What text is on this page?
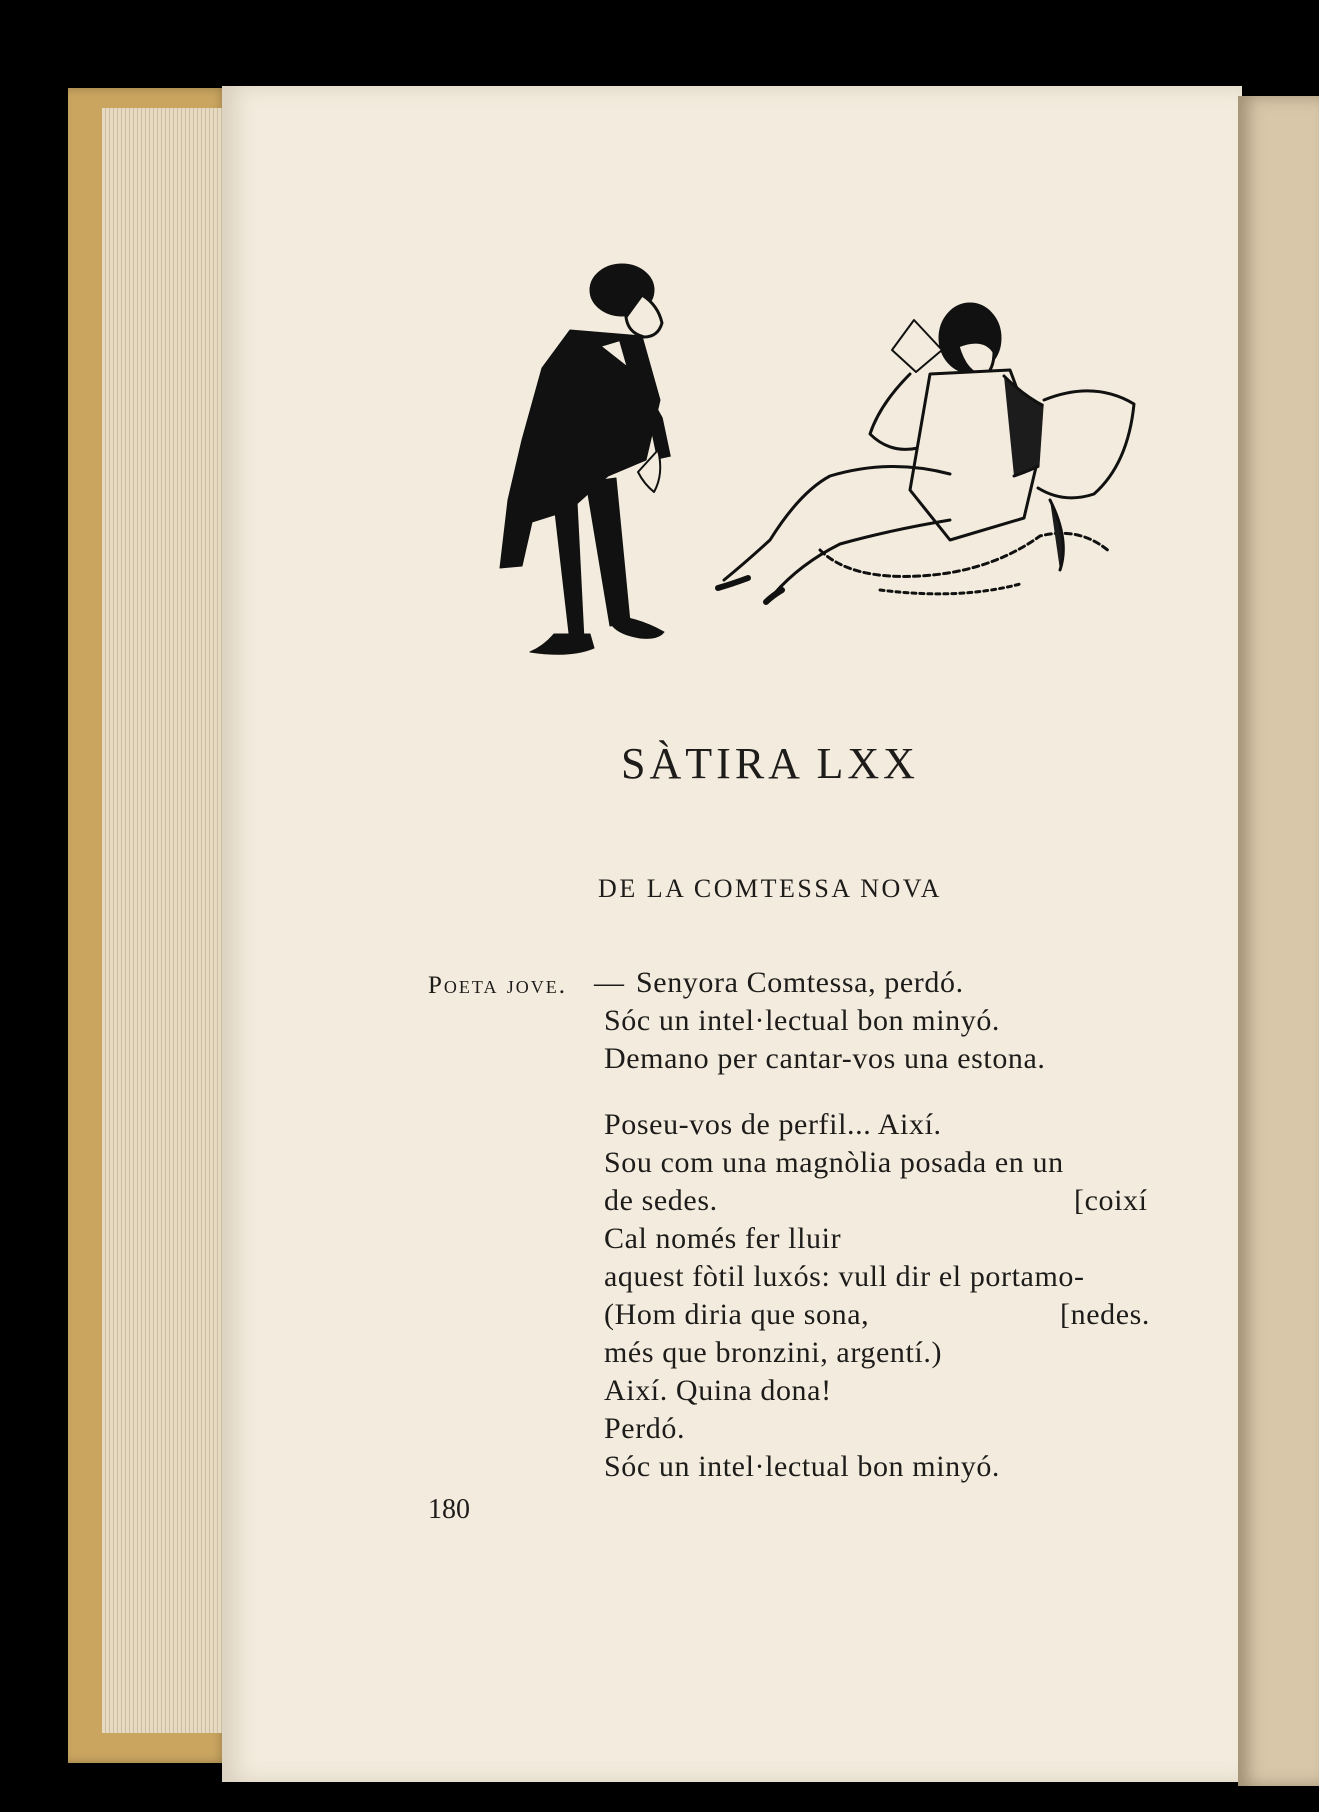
SÀTIRA LXX
DE LA COMTESSA NOVA
Poeta jove. — Senyora Comtessa, perdó.
Sóc un intel·lectual bon minyó.
Demano per cantar-vos una estona.
Poseu-vos de perfil... Així.
Sou com una magnòlia posada en un
de sedes.	[coixí
Cal només fer lluir
aquest fòtil luxós: vull dir el portamo-
(Hom diria que sona,	[nedes.
més que bronzini, argentí.)
Així. Quina dona!
Perdó.
Sóc un intel·lectual bon minyó.
180
